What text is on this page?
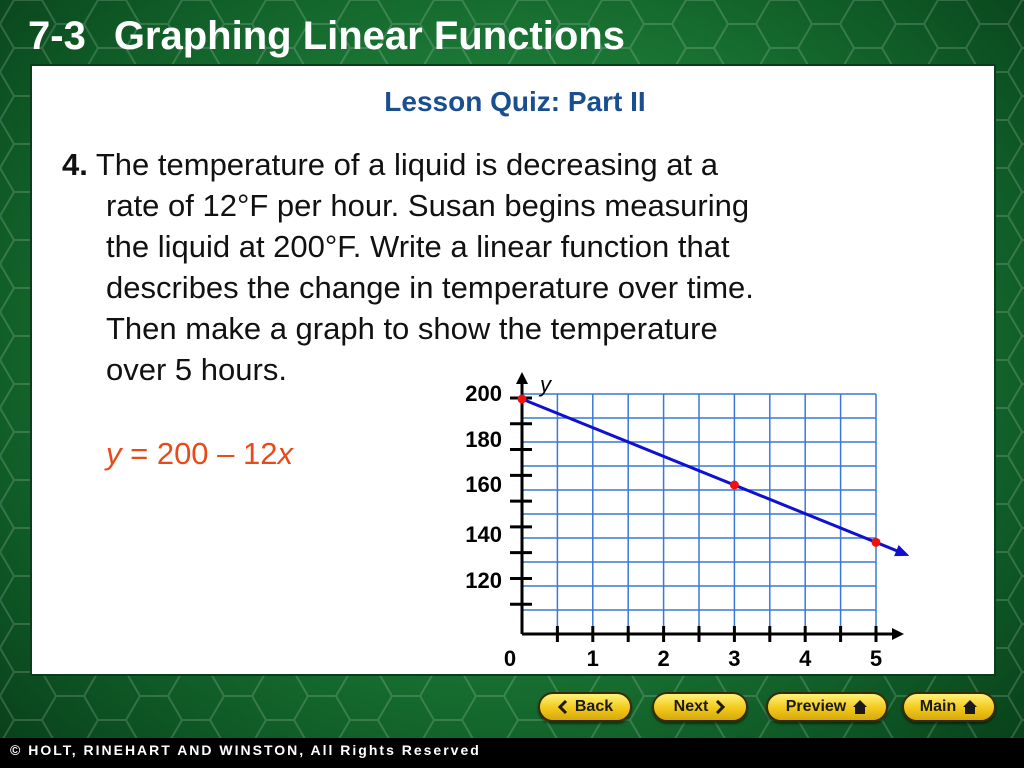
7-3 Graphing Linear Functions
Lesson Quiz: Part II
4. The temperature of a liquid is decreasing at a
rate of 12°F per hour. Susan begins measuring
the liquid at 200°F. Write a linear function that
describes the change in temperature over time.
Then make a graph to show the temperature
over 5 hours.
y = 200 – 12x
120
140
160
180
200
0	1	2	3	4	5
y
Back	Next	Preview	Main
© HOLT, RINEHART AND WINSTON, All Rights Reserved
